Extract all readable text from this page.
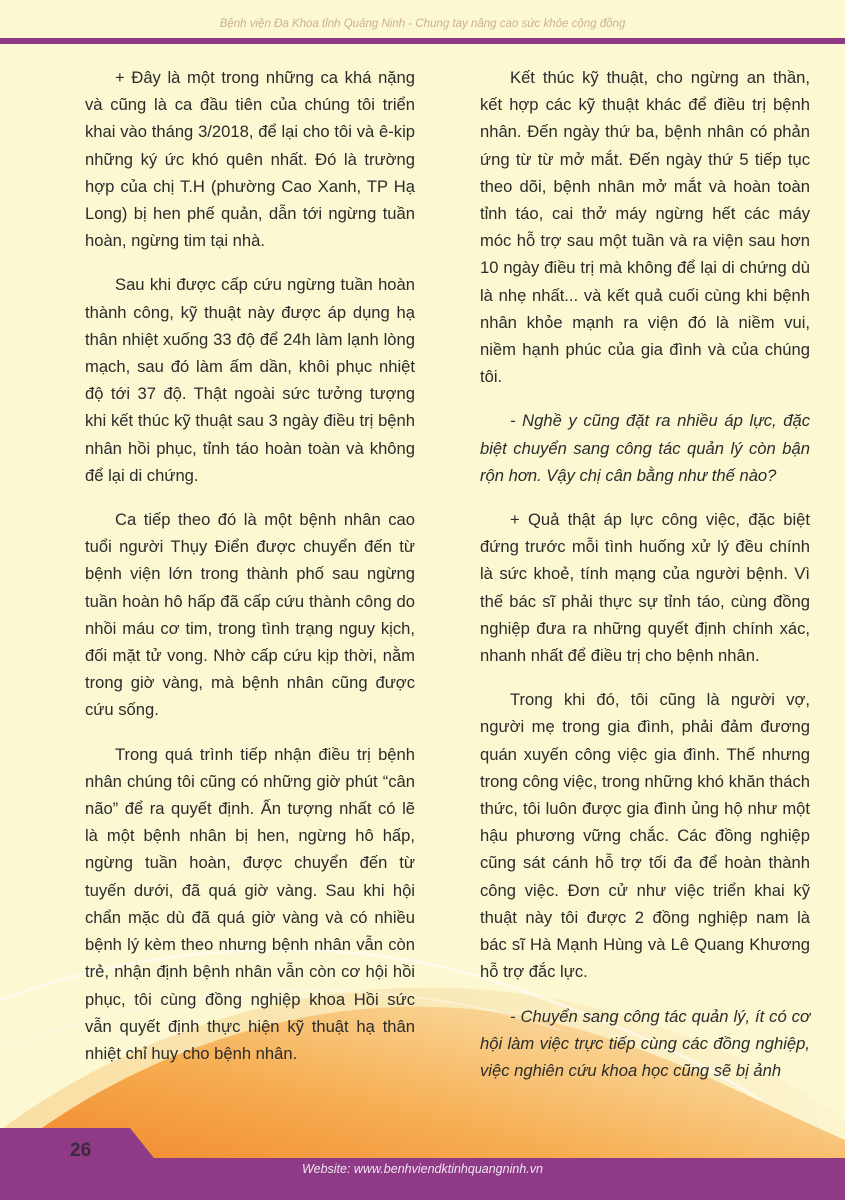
Bệnh viện Đa Khoa tỉnh Quảng Ninh - Chung tay nâng cao sức khỏe cộng đồng

+ Đây là một trong những ca khá nặng và cũng là ca đầu tiên của chúng tôi triển khai vào tháng 3/2018, để lại cho tôi và ê-kip những ký ức khó quên nhất. Đó là trường hợp của chị T.H (phường Cao Xanh, TP Hạ Long) bị hen phế quản, dẫn tới ngừng tuần hoàn, ngừng tim tại nhà.

Sau khi được cấp cứu ngừng tuần hoàn thành công, kỹ thuật này được áp dụng hạ thân nhiệt xuống 33 độ để 24h làm lạnh lòng mạch, sau đó làm ấm dần, khôi phục nhiệt độ tới 37 độ. Thật ngoài sức tưởng tượng khi kết thúc kỹ thuật sau 3 ngày điều trị bệnh nhân hồi phục, tỉnh táo hoàn toàn và không để lại di chứng.

Ca tiếp theo đó là một bệnh nhân cao tuổi người Thụy Điển được chuyển đến từ bệnh viện lớn trong thành phố sau ngừng tuần hoàn hô hấp đã cấp cứu thành công do nhồi máu cơ tim, trong tình trạng nguy kịch, đối mặt tử vong. Nhờ cấp cứu kịp thời, nằm trong giờ vàng, mà bệnh nhân cũng được cứu sống.

Trong quá trình tiếp nhận điều trị bệnh nhân chúng tôi cũng có những giờ phút “cân não” để ra quyết định. Ấn tượng nhất có lẽ là một bệnh nhân bị hen, ngừng hô hấp, ngừng tuần hoàn, được chuyển đến từ tuyến dưới, đã quá giờ vàng. Sau khi hội chẩn mặc dù đã quá giờ vàng và có nhiều bệnh lý kèm theo nhưng bệnh nhân vẫn còn trẻ, nhận định bệnh nhân vẫn còn cơ hội hồi phục, tôi cùng đồng nghiệp khoa Hồi sức vẫn quyết định thực hiện kỹ thuật hạ thân nhiệt chỉ huy cho bệnh nhân.

Kết thúc kỹ thuật, cho ngừng an thần, kết hợp các kỹ thuật khác để điều trị bệnh nhân. Đến ngày thứ ba, bệnh nhân có phản ứng từ từ mở mắt. Đến ngày thứ 5 tiếp tục theo dõi, bệnh nhân mở mắt và hoàn toàn tỉnh táo, cai thở máy ngừng hết các máy móc hỗ trợ sau một tuần và ra viện sau hơn 10 ngày điều trị mà không để lại di chứng dù là nhẹ nhất... và kết quả cuối cùng khi bệnh nhân khỏe mạnh ra viện đó là niềm vui, niềm hạnh phúc của gia đình và của chúng tôi.

- Nghề y cũng đặt ra nhiều áp lực, đặc biệt chuyển sang công tác quản lý còn bận rộn hơn. Vậy chị cân bằng như thế nào?

+ Quả thật áp lực công việc, đặc biệt đứng trước mỗi tình huống xử lý đều chính là sức khoẻ, tính mạng của người bệnh. Vì thế bác sĩ phải thực sự tỉnh táo, cùng đồng nghiệp đưa ra những quyết định chính xác, nhanh nhất để điều trị cho bệnh nhân.

Trong khi đó, tôi cũng là người vợ, người mẹ trong gia đình, phải đảm đương quán xuyến công việc gia đình. Thế nhưng trong công việc, trong những khó khăn thách thức, tôi luôn được gia đình ủng hộ như một hậu phương vững chắc. Các đồng nghiệp cũng sát cánh hỗ trợ tối đa để hoàn thành công việc. Đơn cử như việc triển khai kỹ thuật này tôi được 2 đồng nghiệp nam là bác sĩ Hà Mạnh Hùng và Lê Quang Khương hỗ trợ đắc lực.

- Chuyển sang công tác quản lý, ít có cơ hội làm việc trực tiếp cùng các đồng nghiệp, việc nghiên cứu khoa học cũng sẽ bị ảnh

26
Website: www.benhviendktinhquangninh.vn
